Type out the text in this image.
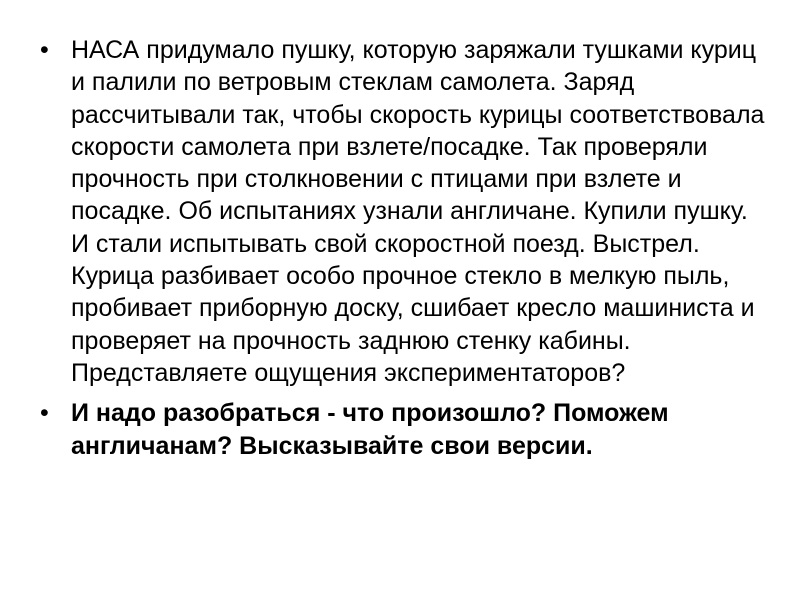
• НАСА придумало пушку, которую заряжали тушками куриц и палили по ветровым стеклам самолета. Заряд рассчитывали так, чтобы скорость курицы соответствовала скорости самолета при взлете/посадке. Так проверяли прочность при столкновении с птицами при взлете и посадке. Об испытаниях узнали англичане. Купили пушку. И стали испытывать свой скоростной поезд. Выстрел. Курица разбивает особо прочное стекло в мелкую пыль, пробивает приборную доску, сшибает кресло машиниста и проверяет на прочность заднюю стенку кабины. Представляете ощущения экспериментаторов?
• И надо разобраться - что произошло? Поможем англичанам? Высказывайте свои версии.
